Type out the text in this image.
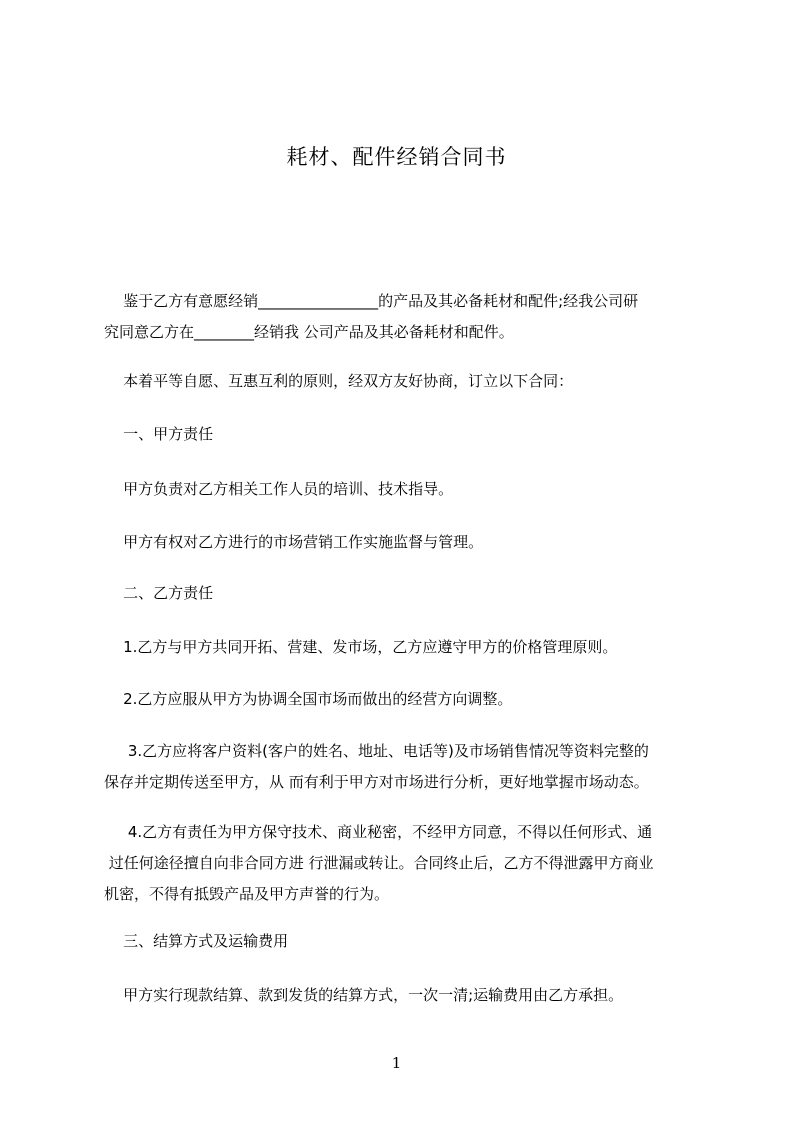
耗材、配件经销合同书
鉴于乙方有意愿经销________________的产品及其必备耗材和配件;经我公司研
究同意乙方在________经销我 公司产品及其必备耗材和配件。
本着平等自愿、互惠互利的原则，经双方友好协商，订立以下合同：
一、甲方责任
甲方负责对乙方相关工作人员的培训、技术指导。
甲方有权对乙方进行的市场营销工作实施监督与管理。
二、乙方责任
1.乙方与甲方共同开拓、营建、发市场，乙方应遵守甲方的价格管理原则。
2.乙方应服从甲方为协调全国市场而做出的经营方向调整。
3.乙方应将客户资料(客户的姓名、地址、电话等)及市场销售情况等资料完整的
保存并定期传送至甲方，从 而有利于甲方对市场进行分析，更好地掌握市场动态。
4.乙方有责任为甲方保守技术、商业秘密，不经甲方同意，不得以任何形式、通
过任何途径擅自向非合同方进 行泄漏或转让。合同终止后，乙方不得泄露甲方商业
机密，不得有抵毁产品及甲方声誉的行为。
三、结算方式及运输费用
甲方实行现款结算、款到发货的结算方式，一次一清;运输费用由乙方承担。
1
